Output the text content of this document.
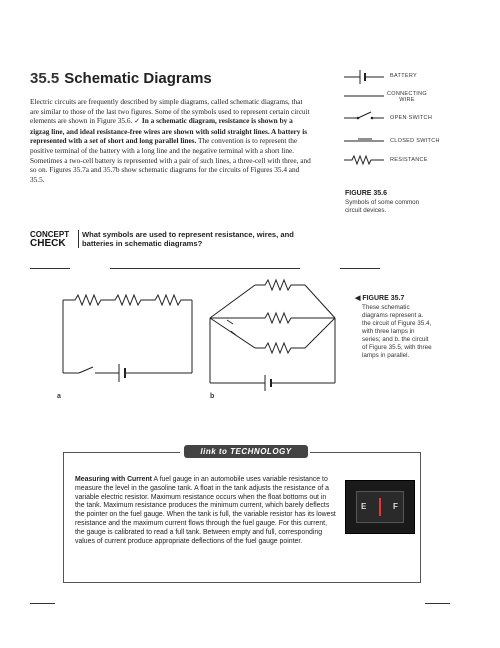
35.5 Schematic Diagrams
Electric circuits are frequently described by simple diagrams, called schematic diagrams, that are similar to those of the last two figures. Some of the symbols used to represent certain circuit elements are shown in Figure 35.6. ✓ In a schematic diagram, resistance is shown by a zigzag line, and ideal resistance-free wires are shown with solid straight lines. A battery is represented with a set of short and long parallel lines. The convention is to represent the positive terminal of the battery with a long line and the negative terminal with a short line. Sometimes a two-cell battery is represented with a pair of such lines, a three-cell with three, and so on. Figures 35.7a and 35.7b show schematic diagrams for the circuits of Figures 35.4 and 35.5.
CONCEPT
CHECK
What symbols are used to represent resistance, wires, and batteries in schematic diagrams?
BATTERY
CONNECTING WIRE
OPEN SWITCH
CLOSED SWITCH
RESISTANCE
FIGURE 35.6
Symbols of some common circuit devices.
a	b
◀ FIGURE 35.7
These schematic diagrams represent a. the circuit of Figure 35.4, with three lamps in series; and b. the circuit of Figure 35.5, with three lamps in parallel.
link to TECHNOLOGY
Measuring with Current A fuel gauge in an automobile uses variable resistance to measure the level in the gasoline tank. A float in the tank adjusts the resistance of a variable electric resistor. Maximum resistance occurs when the float bottoms out in the tank. Maximum resistance produces the minimum current, which barely deflects the pointer on the fuel gauge. When the tank is full, the variable resistor has its lowest resistance and the maximum current flows through the fuel gauge. For this current, the gauge is calibrated to read a full tank. Between empty and full, corresponding values of current produce appropriate deflections of the fuel gauge pointer.
E	F
